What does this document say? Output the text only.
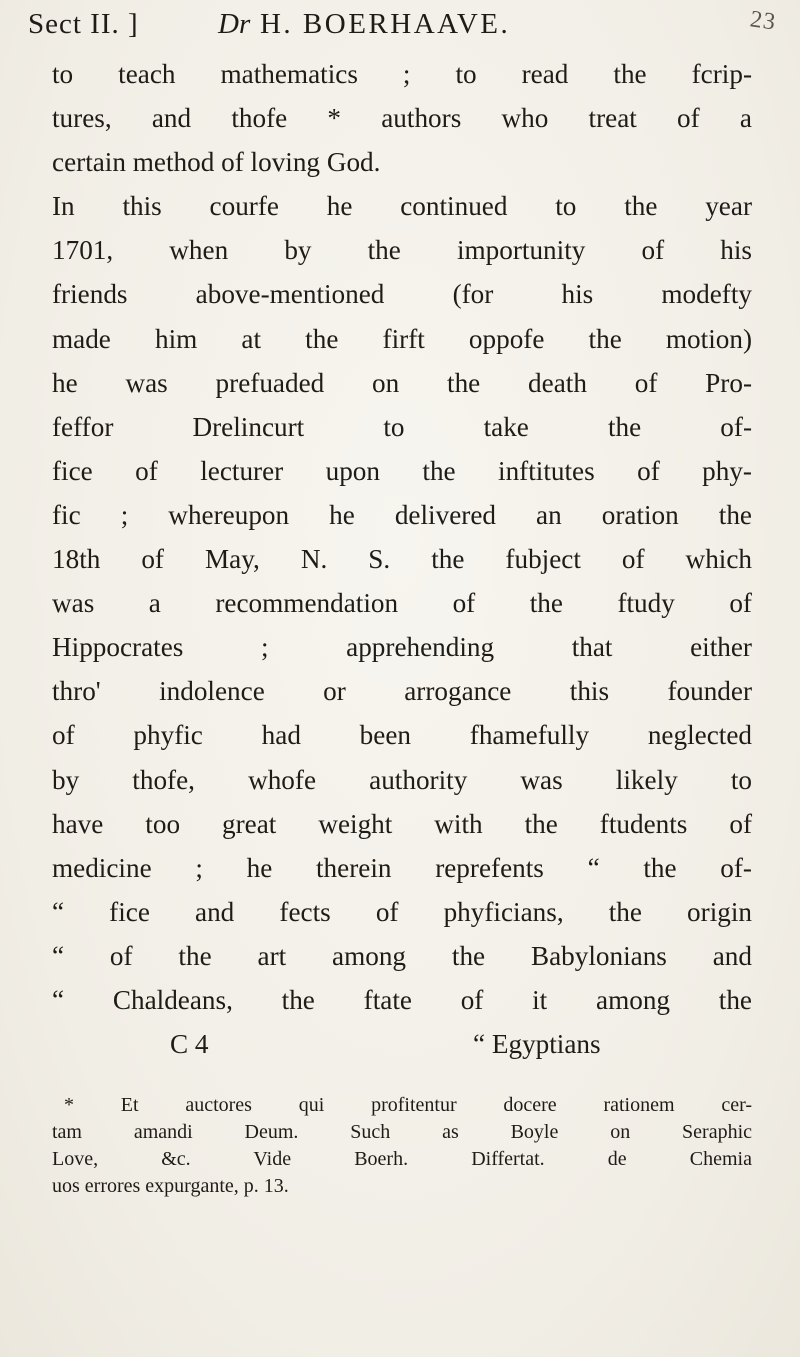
Sect II. ]	Dr H. BOERHAAVE.	23
to teach mathematics ; to read the fcrip-
tures, and thofe * authors who treat of a
certain method of loving God.
In this courfe he continued to the year
1701, when by the importunity of his
friends above-mentioned (for his modefty
made him at the firft oppofe the motion)
he was prefuaded on the death of Pro-
feffor Drelincurt to take the of-
fice of lecturer upon the inftitutes of phy-
fic ; whereupon he delivered an oration the
18th of May, N. S. the fubject of which
was a recommendation of the ftudy of
Hippocrates ; apprehending that either
thro' indolence or arrogance this founder
of phyfic had been fhamefully neglected
by thofe, whofe authority was likely to
have too great weight with the ftudents of
medicine ; he therein reprefents “ the of-
“ fice and fects of phyficians, the origin
“ of the art among the Babylonians and
“ Chaldeans, the ftate of it among the
C 4	“ Egyptians
* Et auctores qui profitentur docere rationem cer-
tam amandi Deum. Such as Boyle on Seraphic
Love, &c. Vide Boerh. Differtat. de Chemia
uos errores expurgante, p. 13.
